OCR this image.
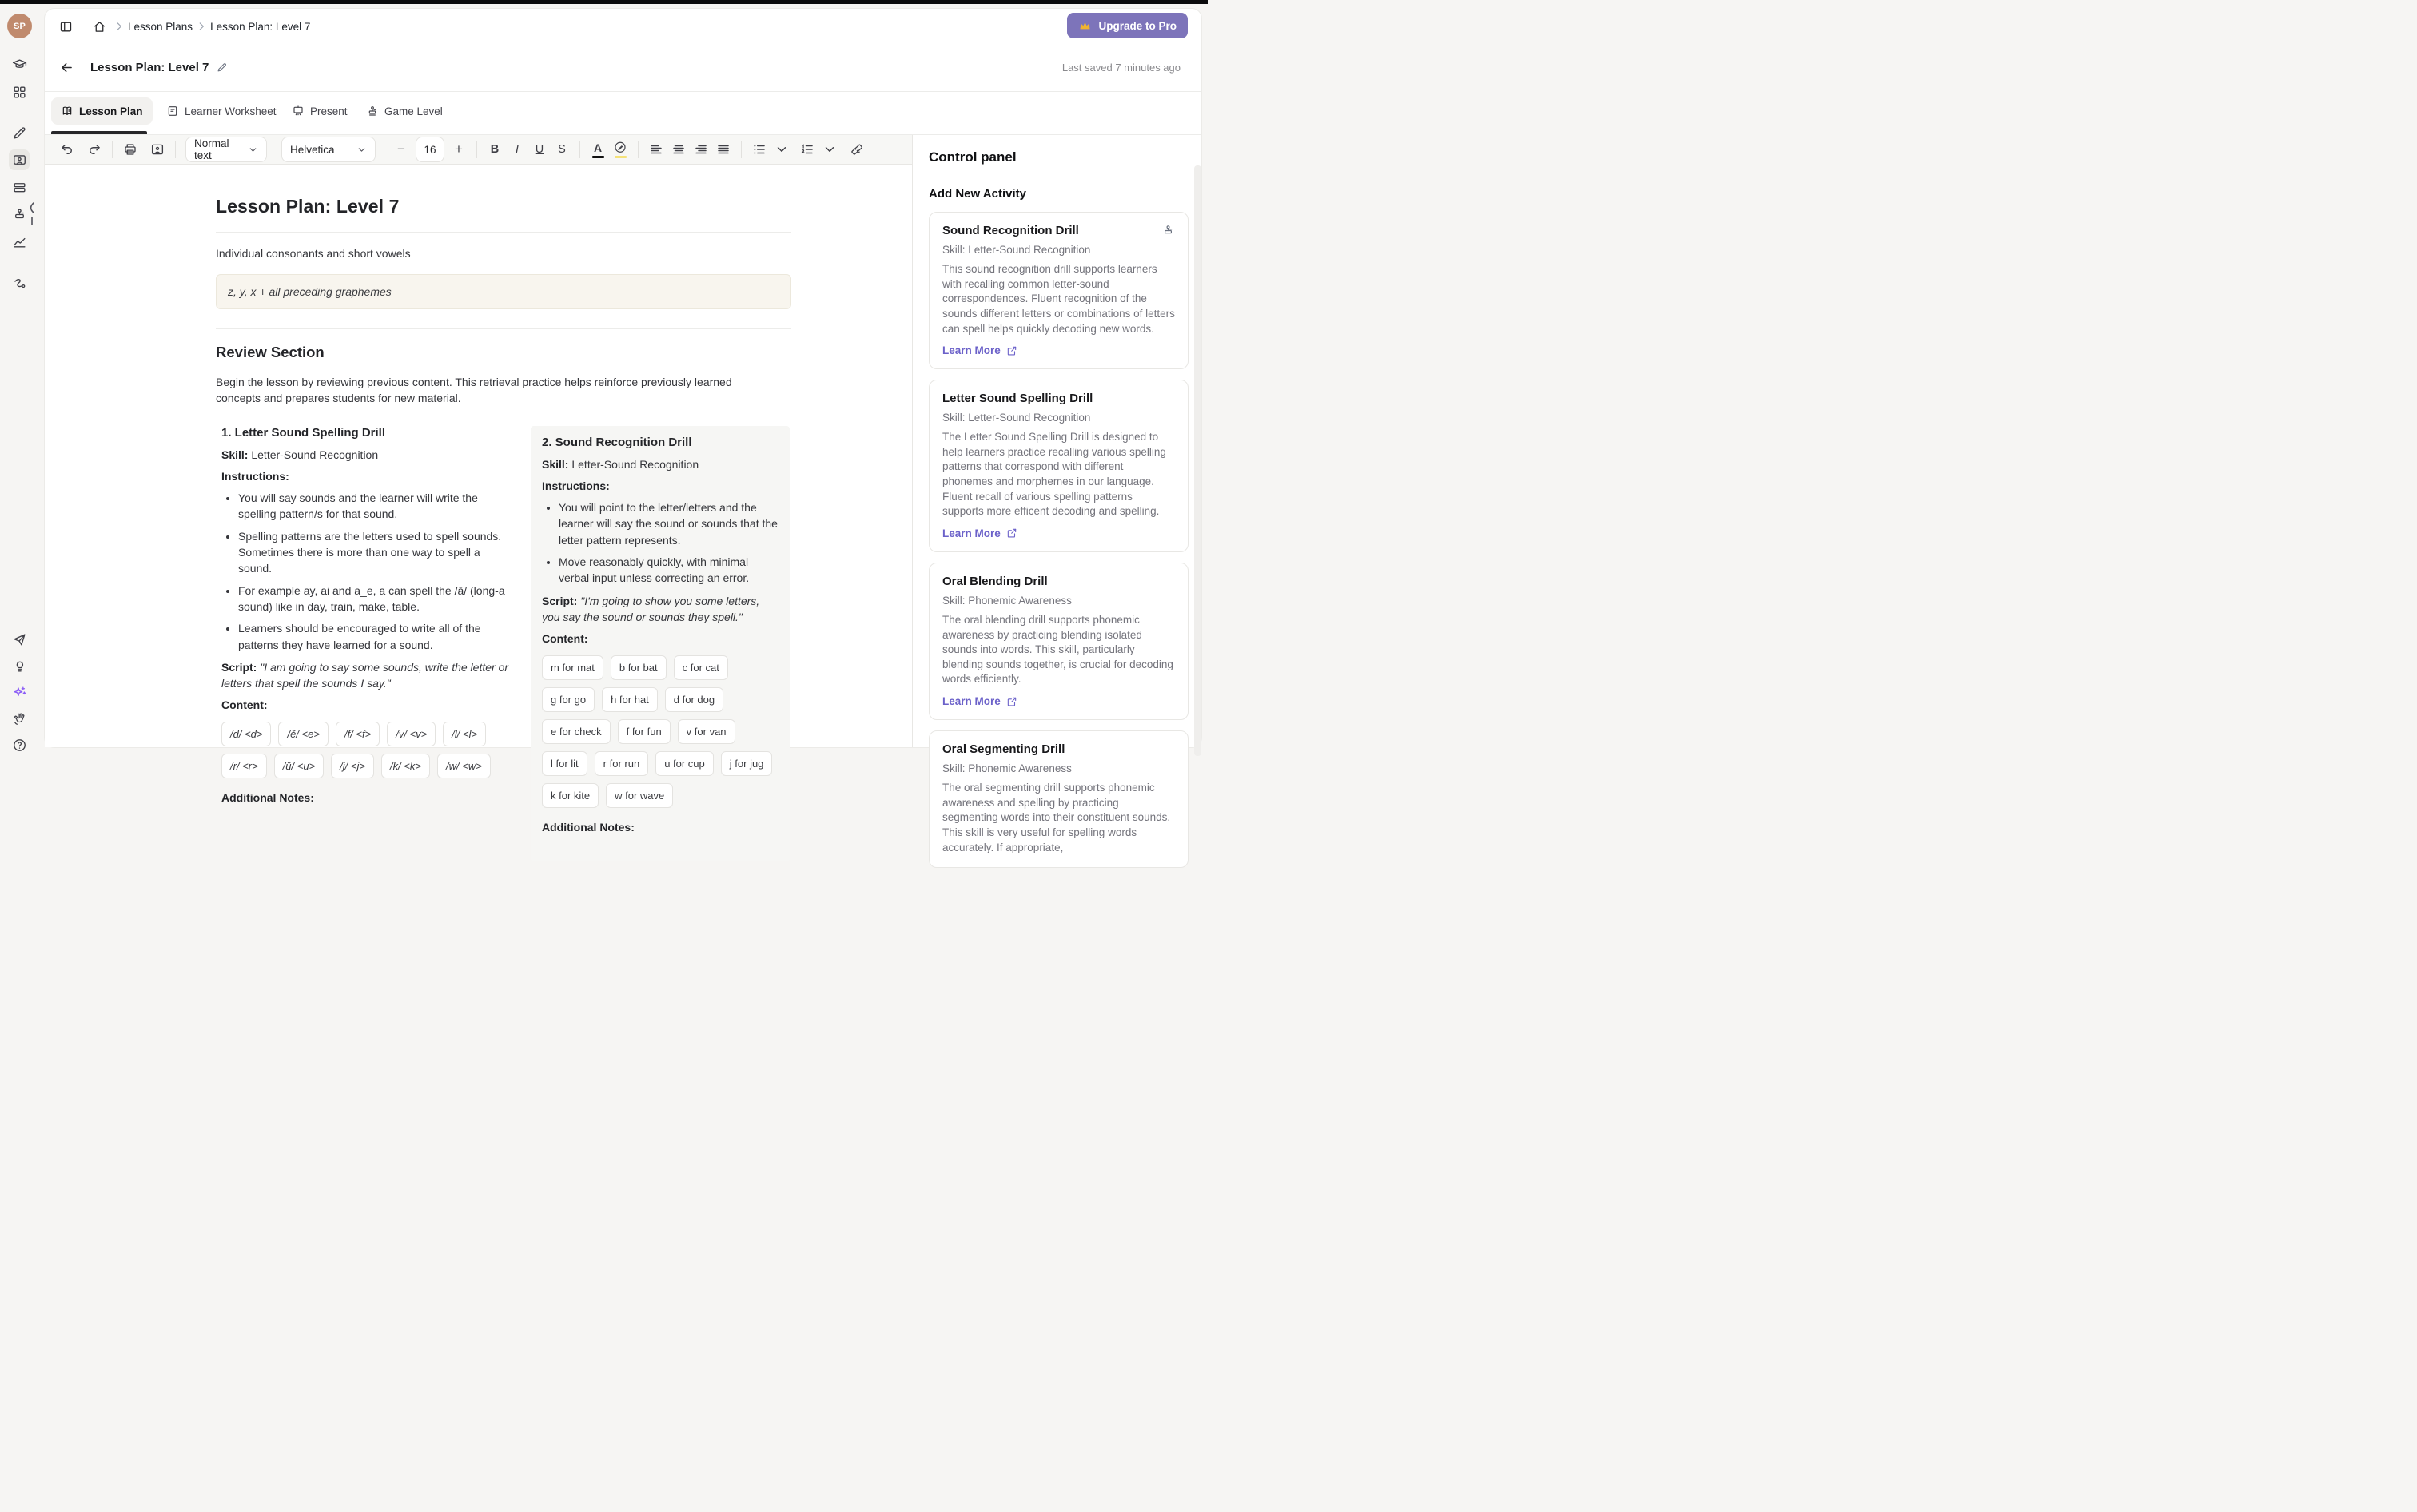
SP	Lesson Plans Lesson Plan: Level 7	Upgrade to Pro
Lesson Plan: Level 7	Last saved 7 minutes ago
Lesson Plan	Learner Worksheet	Present	Game Level
Normal text	Helvetica	−	16	+	B	I	U	S	A
Lesson Plan: Level 7

Individual consonants and short vowels

z, y, x + all preceding graphemes
Review Section

Begin the lesson by reviewing previous content. This retrieval practice helps reinforce previously learned concepts and prepares students for new material.

1. Letter Sound Spelling Drill

Skill: Letter-Sound Recognition

Instructions:

• You will say sounds and the learner will write the spelling pattern/s for that sound.
• Spelling patterns are the letters used to spell sounds. Sometimes there is more than one way to spell a sound.
• For example ay, ai and a_e, a can spell the /ā/ (long-a sound) like in day, train, make, table.
• Learners should be encouraged to write all of the patterns they have learned for a sound.

Script: "I am going to say some sounds, write the letter or letters that spell the sounds I say."

Content:

/d/ <d>	/ĕ/ <e>	/f/ <f>	/v/ <v>	/l/ <l>
/r/ <r>	/ŭ/ <u>	/j/ <j>	/k/ <k>	/w/ <w>

Additional Notes:

2. Sound Recognition Drill

Skill: Letter-Sound Recognition

Instructions:

• You will point to the letter/letters and the learner will say the sound or sounds that the letter pattern represents.
• Move reasonably quickly, with minimal verbal input unless correcting an error.

Script: "I'm going to show you some letters, you say the sound or sounds they spell."

Content:

m for mat	b for bat	c for cat
g for go	h for hat	d for dog
e for check	f for fun	v for van
l for lit	r for run	u for cup	j for jug
k for kite	w for wave

Additional Notes:

Control panel
Add New Activity
Sound Recognition Drill
Skill: Letter-Sound Recognition
This sound recognition drill supports learners with recalling common letter-sound correspondences. Fluent recognition of the sounds different letters or combinations of letters can spell helps quickly decoding new words.
Learn More
Letter Sound Spelling Drill
Skill: Letter-Sound Recognition
The Letter Sound Spelling Drill is designed to help learners practice recalling various spelling patterns that correspond with different phonemes and morphemes in our language. Fluent recall of various spelling patterns supports more efficent decoding and spelling.
Learn More
Oral Blending Drill
Skill: Phonemic Awareness
The oral blending drill supports phonemic awareness by practicing blending isolated sounds into words. This skill, particularly blending sounds together, is crucial for decoding words efficiently.
Learn More
Oral Segmenting Drill
Skill: Phonemic Awareness
The oral segmenting drill supports phonemic awareness and spelling by practicing segmenting words into their constituent sounds. This skill is very useful for spelling words accurately. If appropriate,
